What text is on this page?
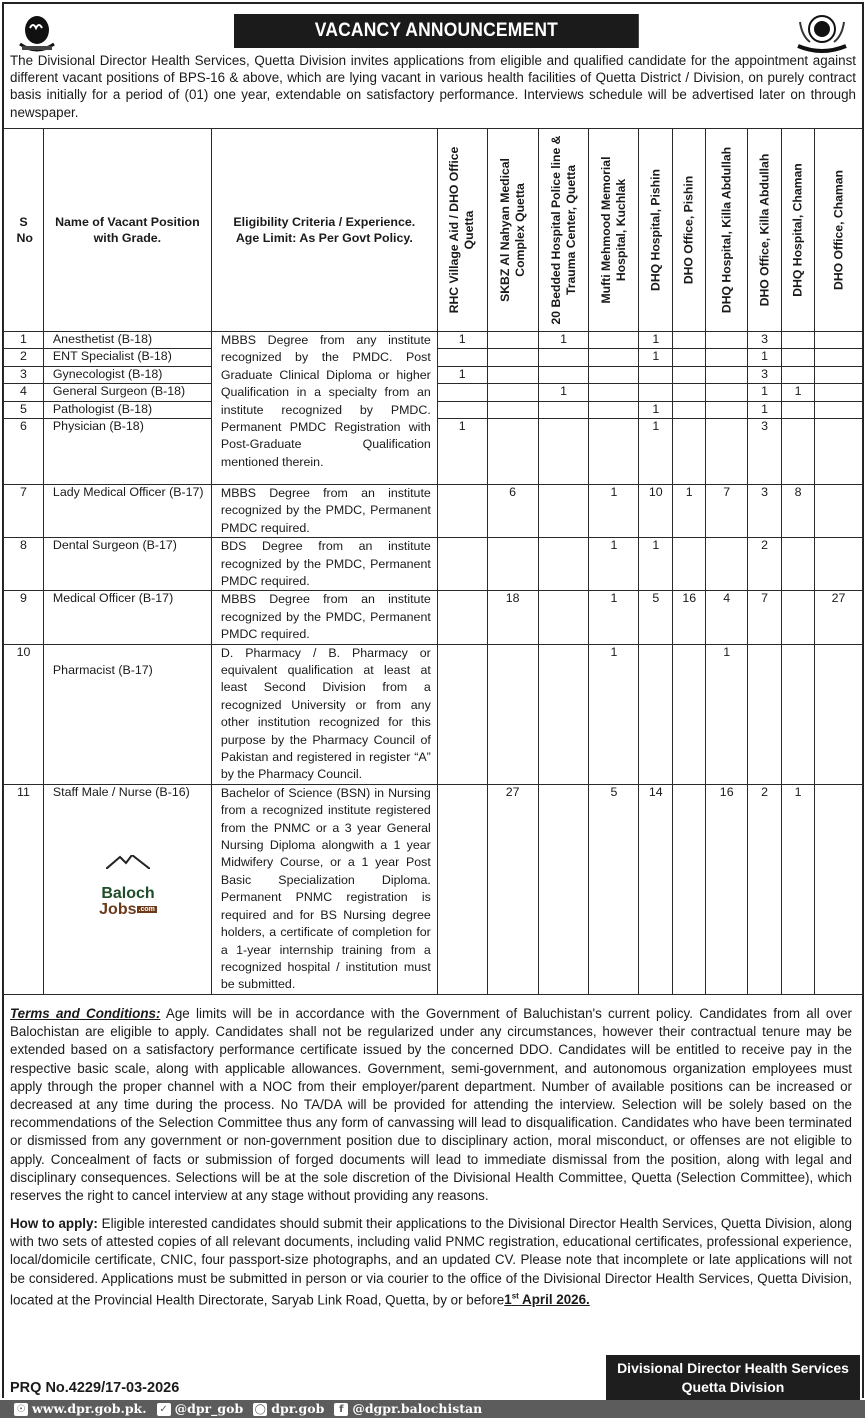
VACANCY ANNOUNCEMENT

The Divisional Director Health Services, Quetta Division invites applications from eligible and qualified candidate for the appointment against different vacant positions of BPS-16 & above, which are lying vacant in various health facilities of Quetta District / Division, on purely contract basis initially for a period of (01) one year, extendable on satisfactory performance. Interviews schedule will be advertised later on through newspaper.

S No	Name of Vacant Position with Grade.	Eligibility Criteria / Experience. Age Limit: As Per Govt Policy.	RHC Village Aid / DHO Office Quetta	SKBZ Al Nahyan Medical Complex Quetta	20 Bedded Hospital Police line & Trauma Center, Quetta	Mufti Mehmood Memorial Hospital, Kuchlak	DHQ Hospital, Pishin	DHO Office, Pishin	DHQ Hospital, Killa Abdullah	DHO Office, Killa Abdullah	DHQ Hospital, Chaman	DHO Office, Chaman

1	Anesthetist (B-18)	MBBS Degree from any institute recognized by the PMDC. Post Graduate Clinical Diploma or higher Qualification in a specialty from an institute recognized by PMDC. Permanent PMDC Registration with Post-Graduate Qualification mentioned therein.	1		1		1			3		
2	ENT Specialist (B-18)						1			1		
3	Gynecologist (B-18)		1							3		
4	General Surgeon (B-18)				1					1	1	
5	Pathologist (B-18)						1			1		
6	Physician (B-18)		1				1			3		
7	Lady Medical Officer (B-17)	MBBS Degree from an institute recognized by the PMDC, Permanent PMDC required.		6		1	10	1	7	3	8	
8	Dental Surgeon (B-17)	BDS Degree from an institute recognized by the PMDC, Permanent PMDC required.				1	1			2		
9	Medical Officer (B-17)	MBBS Degree from an institute recognized by the PMDC, Permanent PMDC required.		18		1	5	16	4	7		27
10	Pharmacist (B-17)	D. Pharmacy / B. Pharmacy or equivalent qualification at least at least Second Division from a recognized University or from any other institution recognized for this purpose by the Pharmacy Council of Pakistan and registered in register “A” by the Pharmacy Council.				1			1			
11	Staff Male / Nurse (B-16)	Bachelor of Science (BSN) in Nursing from a recognized institute registered from the PNMC or a 3 year General Nursing Diploma alongwith a 1 year Midwifery Course, or a 1 year Post Basic Specialization Diploma. Permanent PNMC registration is required and for BS Nursing degree holders, a certificate of completion for a 1-year internship training from a recognized hospital / institution must be submitted.		27		5	14		16	2	1	
Baloch
Jobs .com

Terms and Conditions: Age limits will be in accordance with the Government of Baluchistan's current policy. Candidates from all over Balochistan are eligible to apply. Candidates shall not be regularized under any circumstances, however their contractual tenure may be extended based on a satisfactory performance certificate issued by the concerned DDO. Candidates will be entitled to receive pay in the respective basic scale, along with applicable allowances. Government, semi-government, and autonomous organization employees must apply through the proper channel with a NOC from their employer/parent department. Number of available positions can be increased or decreased at any time during the process. No TA/DA will be provided for attending the interview. Selection will be solely based on the recommendations of the Selection Committee thus any form of canvassing will lead to disqualification. Candidates who have been terminated or dismissed from any government or non-government position due to disciplinary action, moral misconduct, or offenses are not eligible to apply. Concealment of facts or submission of forged documents will lead to immediate dismissal from the position, along with legal and disciplinary consequences. Selections will be at the sole discretion of the Divisional Health Committee, Quetta (Selection Committee), which reserves the right to cancel interview at any stage without providing any reasons.

How to apply: Eligible interested candidates should submit their applications to the Divisional Director Health Services, Quetta Division, along with two sets of attested copies of all relevant documents, including valid PNMC registration, educational certificates, professional experience, local/domicile certificate, CNIC, four passport-size photographs, and an updated CV. Please note that incomplete or late applications will not be considered. Applications must be submitted in person or via courier to the office of the Divisional Director Health Services, Quetta Division, located at the Provincial Health Directorate, Saryab Link Road, Quetta, by or before1st April 2026.

PRQ No.4229/17-03-2026
Divisional Director Health Services
Quetta Division
☉ www.dpr.gob.pk. ✓ @dpr_gob ◯ dpr.gob	f @dgpr.balochistan
